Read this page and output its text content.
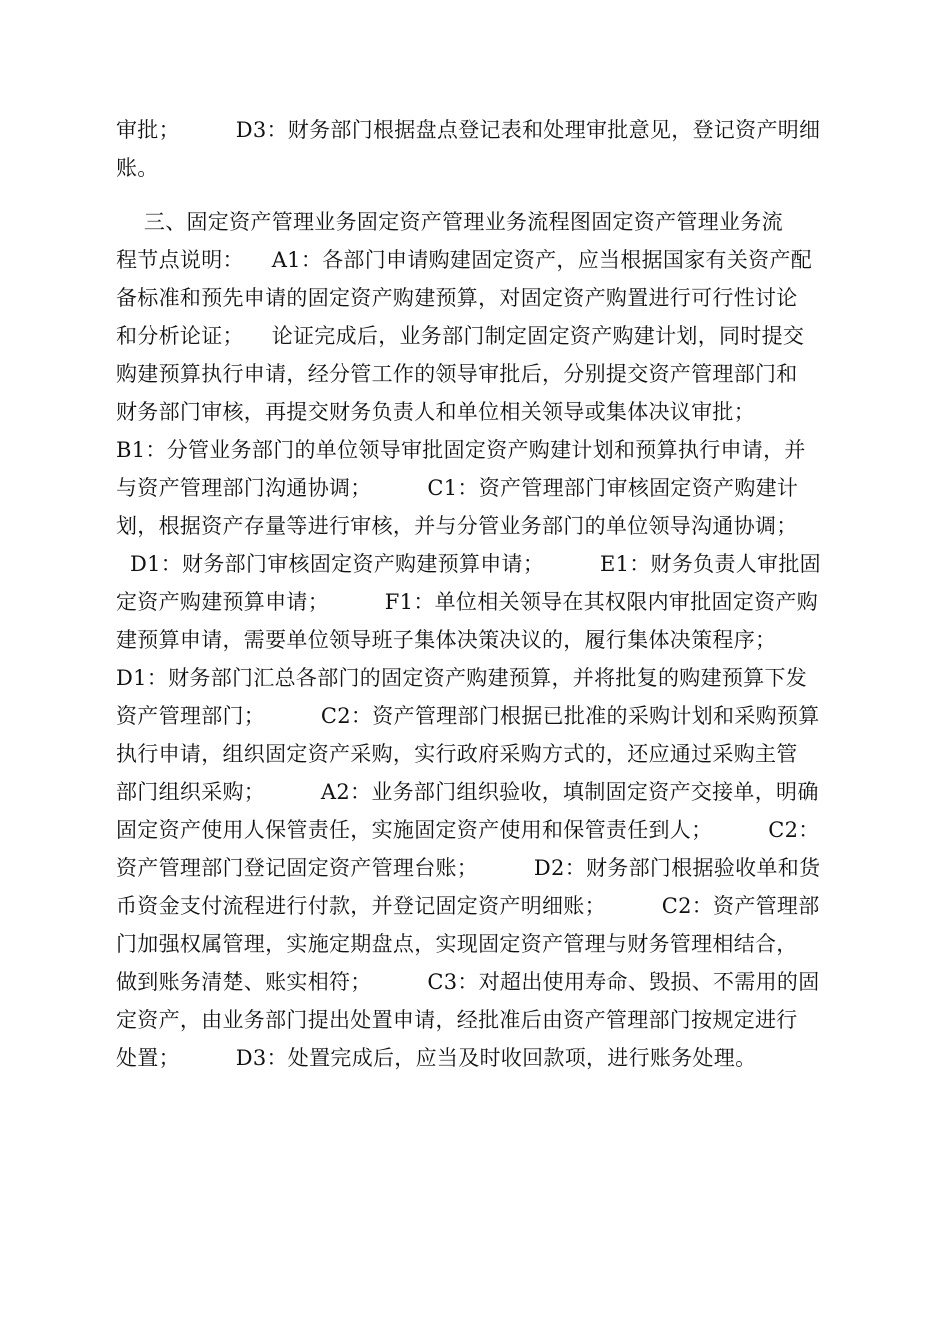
审批；        D3：财务部门根据盘点登记表和处理审批意见，登记资产明细
账。
三、固定资产管理业务固定资产管理业务流程图固定资产管理业务流
程节点说明：    A1：各部门申请购建固定资产，应当根据国家有关资产配
备标准和预先申请的固定资产购建预算，对固定资产购置进行可行性讨论
和分析论证；    论证完成后，业务部门制定固定资产购建计划，同时提交
购建预算执行申请，经分管工作的领导审批后，分别提交资产管理部门和
财务部门审核，再提交财务负责人和单位相关领导或集体决议审批；
B1：分管业务部门的单位领导审批固定资产购建计划和预算执行申请，并
与资产管理部门沟通协调；        C1：资产管理部门审核固定资产购建计
划，根据资产存量等进行审核，并与分管业务部门的单位领导沟通协调；
D1：财务部门审核固定资产购建预算申请；        E1：财务负责人审批固
定资产购建预算申请；        F1：单位相关领导在其权限内审批固定资产购
建预算申请，需要单位领导班子集体决策决议的，履行集体决策程序；
D1：财务部门汇总各部门的固定资产购建预算，并将批复的购建预算下发
资产管理部门；        C2：资产管理部门根据已批准的采购计划和采购预算
执行申请，组织固定资产采购，实行政府采购方式的，还应通过采购主管
部门组织采购；        A2：业务部门组织验收，填制固定资产交接单，明确
固定资产使用人保管责任，实施固定资产使用和保管责任到人；        C2：
资产管理部门登记固定资产管理台账；        D2：财务部门根据验收单和货
币资金支付流程进行付款，并登记固定资产明细账；        C2：资产管理部
门加强权属管理，实施定期盘点，实现固定资产管理与财务管理相结合，
做到账务清楚、账实相符；        C3：对超出使用寿命、毁损、不需用的固
定资产，由业务部门提出处置申请，经批准后由资产管理部门按规定进行
处置；        D3：处置完成后，应当及时收回款项，进行账务处理。
